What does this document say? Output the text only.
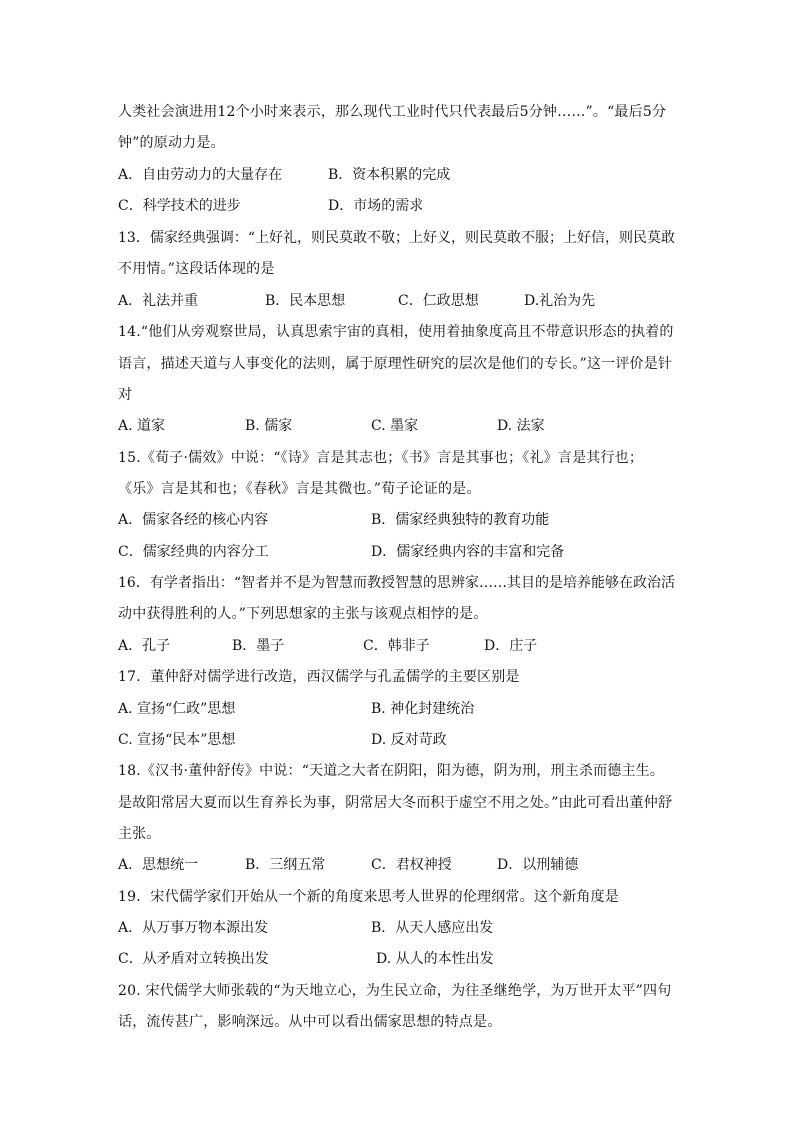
人类社会演进用12个小时来表示，那么现代工业时代只代表最后5分钟……”。“最后5分
钟”的原动力是。
A．自由劳动力的大量存在	B．资本积累的完成
C．科学技术的进步	D．市场的需求
13．儒家经典强调：“上好礼，则民莫敢不敬；上好义，则民莫敢不服；上好信，则民莫敢
不用情。”这段话体现的是
A．礼法并重	B．民本思想	C．仁政思想	D.礼治为先
14.“他们从旁观察世局，认真思索宇宙的真相，使用着抽象度高且不带意识形态的执着的
语言，描述天道与人事变化的法则，属于原理性研究的层次是他们的专长。”这一评价是针
对
A. 道家	B. 儒家	C. 墨家	D. 法家
15.《荀子·儒效》中说：“《诗》言是其志也；《书》言是其事也；《礼》言是其行也；
《乐》言是其和也；《春秋》言是其微也。”荀子论证的是。
A．儒家各经的核心内容	B．儒家经典独特的教育功能
C．儒家经典的内容分工	D．儒家经典内容的丰富和完备
16．有学者指出：“智者并不是为智慧而教授智慧的思辨家……其目的是培养能够在政治活
动中获得胜利的人。”下列思想家的主张与该观点相悖的是。
A．孔子	B．墨子	C．韩非子	D．庄子
17．董仲舒对儒学进行改造，西汉儒学与孔孟儒学的主要区别是
A. 宣扬“仁政”思想	B. 神化封建统治
C. 宣扬“民本”思想	D. 反对苛政
18.《汉书·董仲舒传》中说：“天道之大者在阴阳，阳为德，阴为刑，刑主杀而德主生。
是故阳常居大夏而以生育养长为事，阴常居大冬而积于虚空不用之处。”由此可看出董仲舒
主张。
A．思想统一	B．三纲五常	C．君权神授	D．以刑辅德
19．宋代儒学家们开始从一个新的角度来思考人世界的伦理纲常。这个新角度是
A．从万事万物本源出发	B．从天人感应出发
C．从矛盾对立转换出发	D. 从人的本性出发
20. 宋代儒学大师张载的“为天地立心，为生民立命，为往圣继绝学，为万世开太平”四句
话，流传甚广，影响深远。从中可以看出儒家思想的特点是。
